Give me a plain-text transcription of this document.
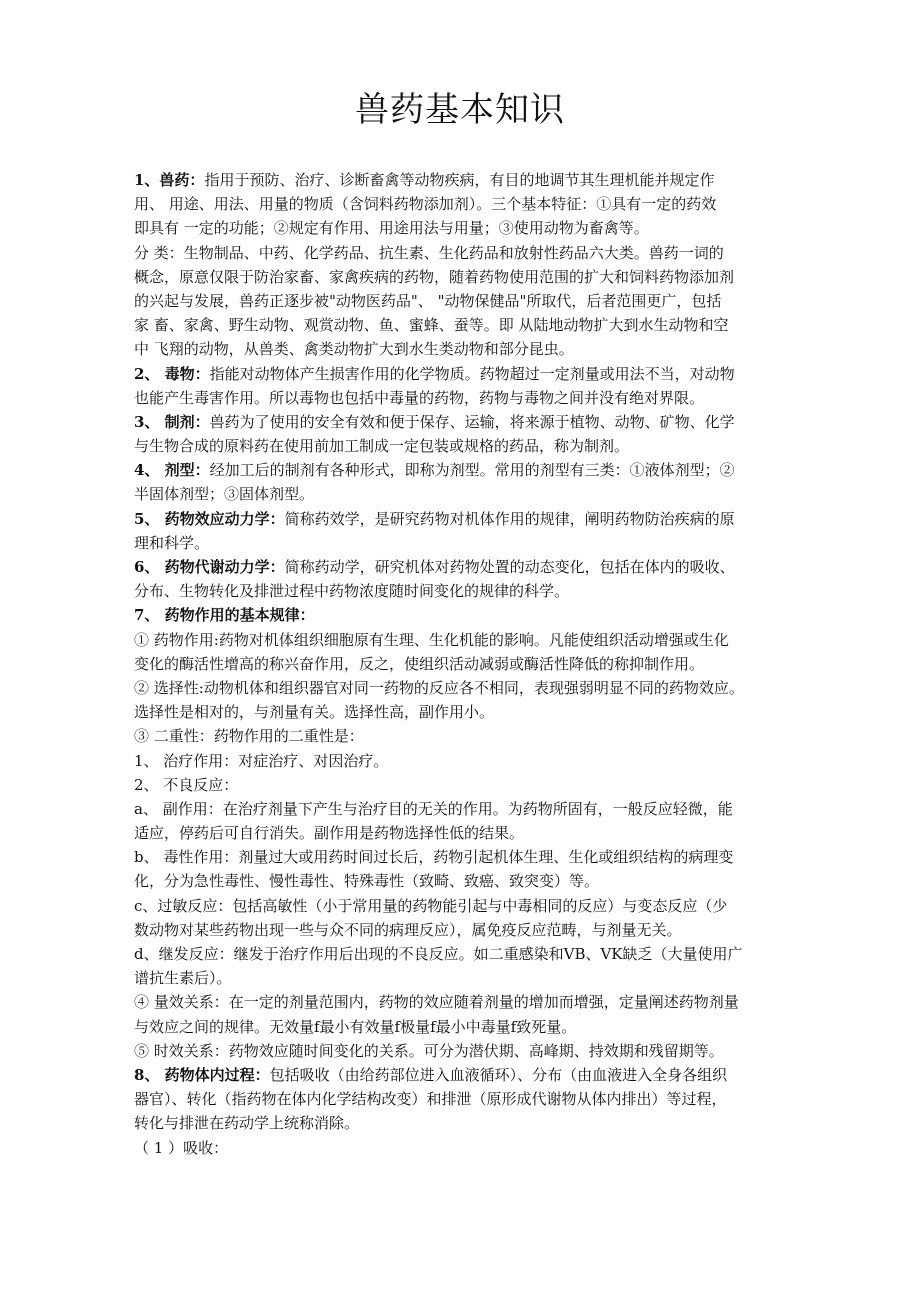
兽药基本知识
1、兽药：指用于预防、治疗、诊断畜禽等动物疾病，有目的地调节其生理机能并规定作
用、 用途、用法、用量的物质（含饲料药物添加剂）。三个基本特征：①具有一定的药效
即具有 一定的功能；②规定有作用、用途用法与用量；③使用动物为畜禽等。
分 类：生物制品、中药、化学药品、抗生素、生化药品和放射性药品六大类。兽药一词的
概念，原意仅限于防治家畜、家禽疾病的药物，随着药物使用范围的扩大和饲料药物添加剂
的兴起与发展，兽药正逐步被"动物医药品"、 "动物保健品"所取代，后者范围更广，包括
家 畜、家禽、野生动物、观赏动物、鱼、蜜蜂、蚕等。即 从陆地动物扩大到水生动物和空
中 飞翔的动物，从兽类、禽类动物扩大到水生类动物和部分昆虫。
2、 毒物：指能对动物体产生损害作用的化学物质。药物超过一定剂量或用法不当，对动物
也能产生毒害作用。所以毒物也包括中毒量的药物，药物与毒物之间并没有绝对界限。
3、 制剂：兽药为了使用的安全有效和便于保存、运输，将来源于植物、动物、矿物、化学
与生物合成的原料药在使用前加工制成一定包装或规格的药品，称为制剂。
4、 剂型：经加工后的制剂有各种形式，即称为剂型。常用的剂型有三类：①液体剂型；②
半固体剂型；③固体剂型。
5、 药物效应动力学：简称药效学，是研究药物对机体作用的规律，阐明药物防治疾病的原
理和科学。
6、 药物代谢动力学：简称药动学，研究机体对药物处置的动态变化，包括在体内的吸收、
分布、生物转化及排泄过程中药物浓度随时间变化的规律的科学。
7、 药物作用的基本规律：
① 药物作用:药物对机体组织细胞原有生理、生化机能的影响。凡能使组织活动增强或生化
变化的酶活性增高的称兴奋作用，反之，使组织活动减弱或酶活性降低的称抑制作用。
② 选择性:动物机体和组织器官对同一药物的反应各不相同，表现强弱明显不同的药物效应。
选择性是相对的，与剂量有关。选择性高，副作用小。
③ 二重性：药物作用的二重性是：
1、 治疗作用：对症治疗、对因治疗。
2、 不良反应：
a、 副作用：在治疗剂量下产生与治疗目的无关的作用。为药物所固有，一般反应轻微，能
适应，停药后可自行消失。副作用是药物选择性低的结果。
b、 毒性作用：剂量过大或用药时间过长后，药物引起机体生理、生化或组织结构的病理变
化，分为急性毒性、慢性毒性、特殊毒性（致畸、致癌、致突变）等。
c、过敏反应：包括高敏性（小于常用量的药物能引起与中毒相同的反应）与变态反应（少
数动物对某些药物出现一些与众不同的病理反应），属免疫反应范畴，与剂量无关。
d、继发反应：继发于治疗作用后出现的不良反应。如二重感染和VB、VK缺乏（大量使用广
谱抗生素后）。
④ 量效关系：在一定的剂量范围内，药物的效应随着剂量的增加而增强，定量阐述药物剂量
与效应之间的规律。无效量f最小有效量f极量f最小中毒量f致死量。
⑤ 时效关系：药物效应随时间变化的关系。可分为潜伏期、高峰期、持效期和残留期等。
8、 药物体内过程：包括吸收（由给药部位进入血液循环）、分布（由血液进入全身各组织
器官）、转化（指药物在体内化学结构改变）和排泄（原形成代谢物从体内排出）等过程，
转化与排泄在药动学上统称消除。
（ 1 ）吸收：
